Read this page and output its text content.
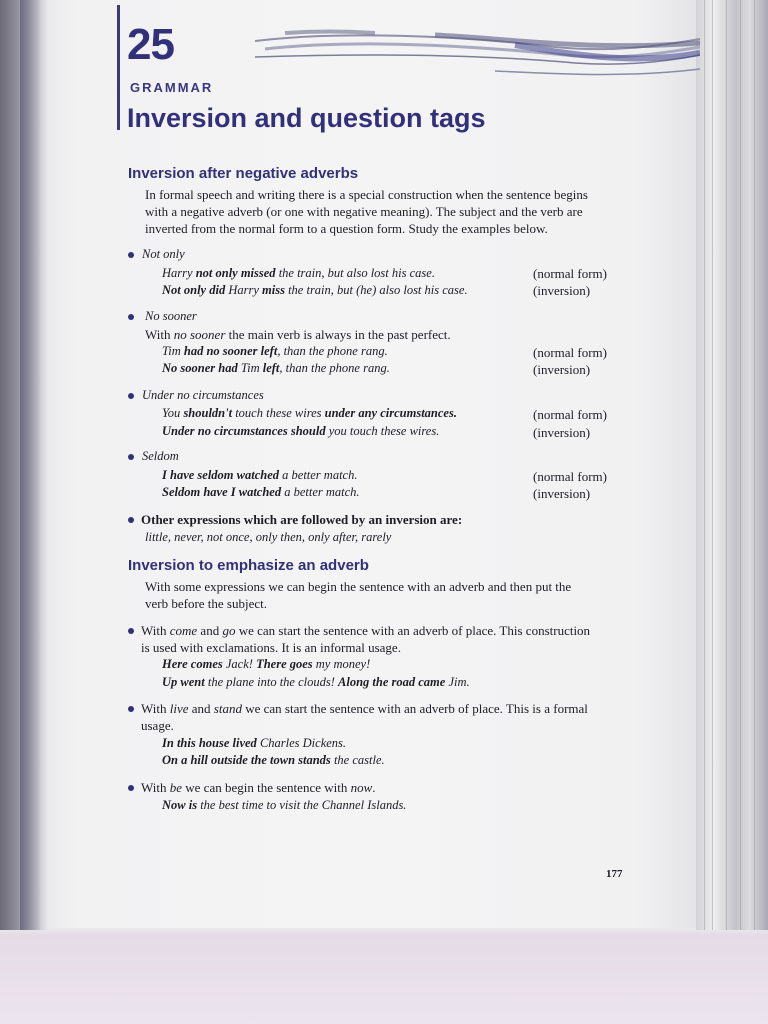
25
GRAMMAR
Inversion and question tags
Inversion after negative adverbs
In formal speech and writing there is a special construction when the sentence begins
with a negative adverb (or one with negative meaning). The subject and the verb are
inverted from the normal form to a question form. Study the examples below.
Not only
Harry not only missed the train, but also lost his case.	(normal form)
Not only did Harry miss the train, but (he) also lost his case.	(inversion)
No sooner
With no sooner the main verb is always in the past perfect.
Tim had no sooner left, than the phone rang.	(normal form)
No sooner had Tim left, than the phone rang.	(inversion)
Under no circumstances
You shouldn't touch these wires under any circumstances.	(normal form)
Under no circumstances should you touch these wires.	(inversion)
Seldom
I have seldom watched a better match.	(normal form)
Seldom have I watched a better match.	(inversion)
Other expressions which are followed by an inversion are:
little, never, not once, only then, only after, rarely
Inversion to emphasize an adverb
With some expressions we can begin the sentence with an adverb and then put the
verb before the subject.
With come and go we can start the sentence with an adverb of place. This construction
is used with exclamations. It is an informal usage.
Here comes Jack! There goes my money!
Up went the plane into the clouds! Along the road came Jim.
With live and stand we can start the sentence with an adverb of place. This is a formal
usage.
In this house lived Charles Dickens.
On a hill outside the town stands the castle.
With be we can begin the sentence with now.
Now is the best time to visit the Channel Islands.
177
